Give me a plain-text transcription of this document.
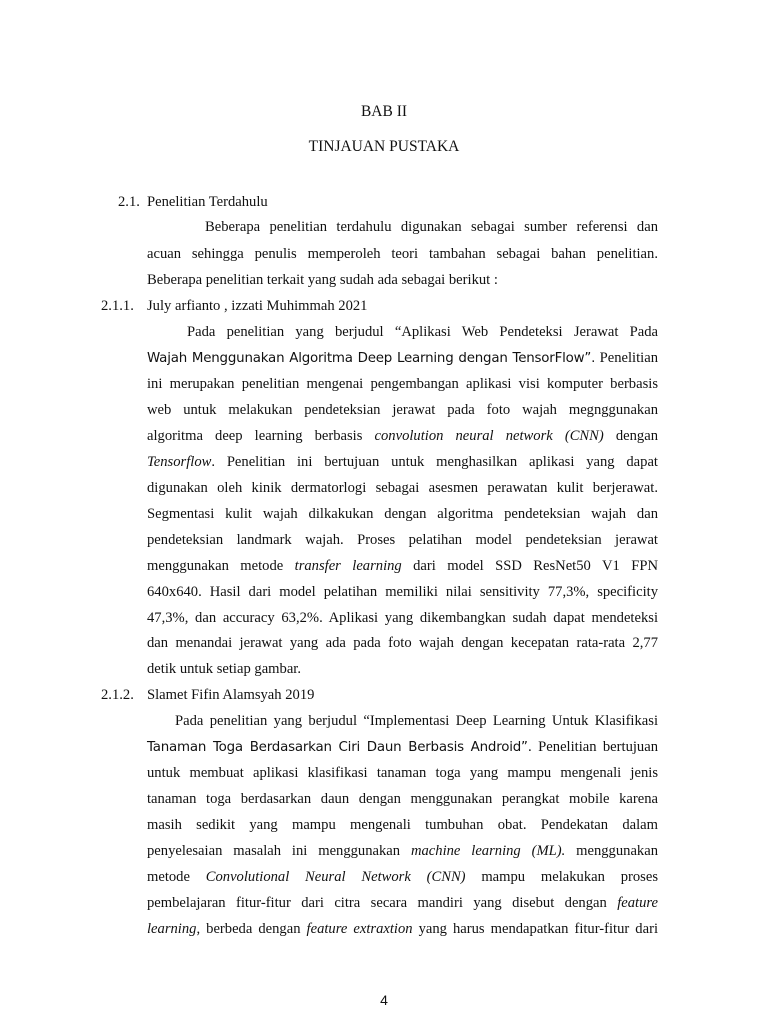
BAB II
TINJAUAN PUSTAKA
2.1. Penelitian Terdahulu
Beberapa penelitian terdahulu digunakan sebagai sumber referensi dan
acuan sehingga penulis memperoleh teori tambahan sebagai bahan penelitian.
Beberapa penelitian terkait yang sudah ada sebagai berikut :
2.1.1. July arfianto , izzati Muhimmah 2021
Pada penelitian yang berjudul “Aplikasi Web Pendeteksi Jerawat Pada
Wajah Menggunakan Algoritma Deep Learning dengan TensorFlow”. Penelitian
ini merupakan penelitian mengenai pengembangan aplikasi visi komputer berbasis
web untuk melakukan pendeteksian jerawat pada foto wajah megnggunakan
algoritma deep learning berbasis convolution neural network (CNN) dengan
Tensorflow. Penelitian ini bertujuan untuk menghasilkan aplikasi yang dapat
digunakan oleh kinik dermatorlogi sebagai asesmen perawatan kulit berjerawat.
Segmentasi kulit wajah dilkakukan dengan algoritma pendeteksian wajah dan
pendeteksian landmark wajah. Proses pelatihan model pendeteksian jerawat
menggunakan metode transfer learning dari model SSD ResNet50 V1 FPN
640x640. Hasil dari model pelatihan memiliki nilai sensitivity 77,3%, specificity
47,3%, dan accuracy 63,2%. Aplikasi yang dikembangkan sudah dapat mendeteksi
dan menandai jerawat yang ada pada foto wajah dengan kecepatan rata-rata 2,77
detik untuk setiap gambar.
2.1.2. Slamet Fifin Alamsyah 2019
Pada penelitian yang berjudul “Implementasi Deep Learning Untuk Klasifikasi
Tanaman Toga Berdasarkan Ciri Daun Berbasis Android”. Penelitian bertujuan
untuk membuat aplikasi klasifikasi tanaman toga yang mampu mengenali jenis
tanaman toga berdasarkan daun dengan menggunakan perangkat mobile karena
masih sedikit yang mampu mengenali tumbuhan obat. Pendekatan dalam
penyelesaian masalah ini menggunakan machine learning (ML). menggunakan
metode Convolutional Neural Network (CNN) mampu melakukan proses
pembelajaran fitur-fitur dari citra secara mandiri yang disebut dengan feature
learning, berbeda dengan feature extraxtion yang harus mendapatkan fitur-fitur dari
4
